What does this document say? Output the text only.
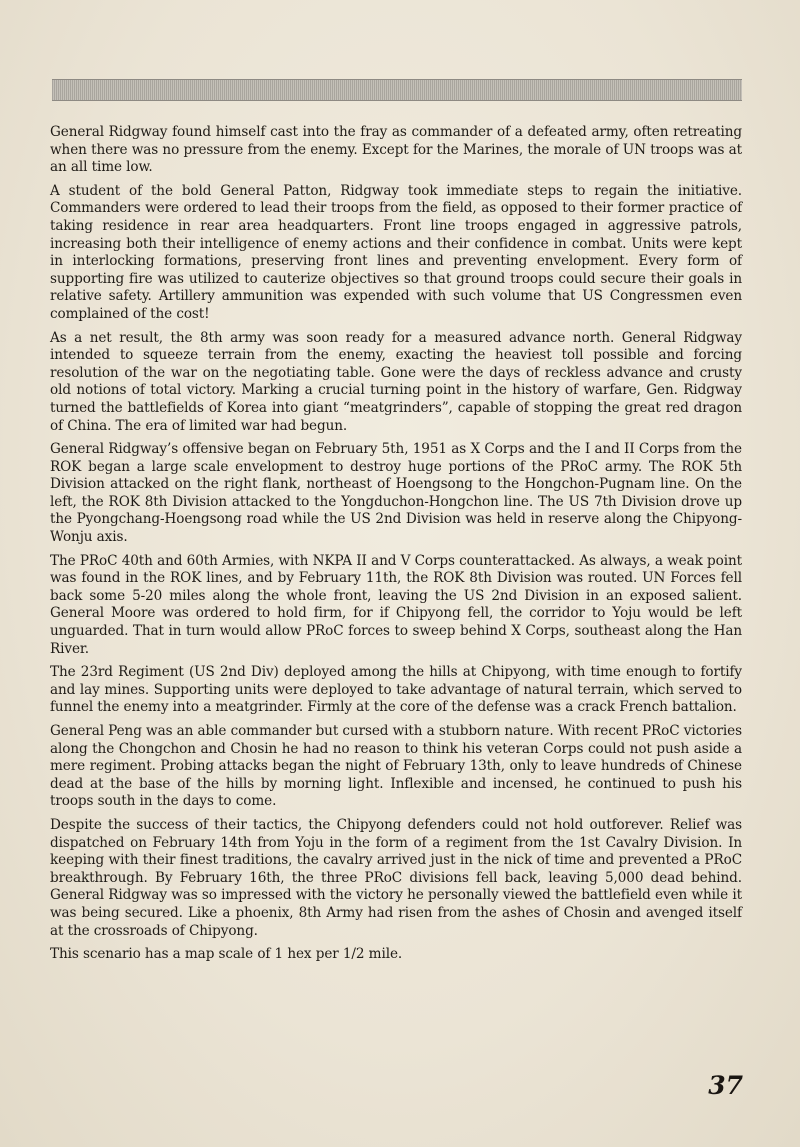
General Ridgway found himself cast into the fray as commander of a defeated army, often retreating when there was no pressure from the enemy. Except for the Marines, the morale of UN troops was at an all time low.

A student of the bold General Patton, Ridgway took immediate steps to regain the initiative. Commanders were ordered to lead their troops from the field, as opposed to their former practice of taking residence in rear area headquarters. Front line troops engaged in aggressive patrols, increasing both their intelligence of enemy actions and their confidence in combat. Units were kept in interlocking formations, preserving front lines and preventing envelopment. Every form of supporting fire was utilized to cauterize objectives so that ground troops could secure their goals in relative safety. Artillery ammunition was expended with such volume that US Congressmen even complained of the cost!

As a net result, the 8th army was soon ready for a measured advance north. General Ridgway intended to squeeze terrain from the enemy, exacting the heaviest toll possible and forcing resolution of the war on the negotiating table. Gone were the days of reckless advance and crusty old notions of total victory. Marking a crucial turning point in the history of warfare, Gen. Ridgway turned the battlefields of Korea into giant “meatgrinders”, capable of stopping the great red dragon of China. The era of limited war had begun.

General Ridgway’s offensive began on February 5th, 1951 as X Corps and the I and II Corps from the ROK began a large scale envelopment to destroy huge portions of the PRoC army. The ROK 5th Division attacked on the right flank, northeast of Hoengsong to the Hongchon-Pugnam line. On the left, the ROK 8th Division attacked to the Yongduchon-Hongchon line. The US 7th Division drove up the Pyongchang-Hoengsong road while the US 2nd Division was held in reserve along the Chipyong-Wonju axis.

The PRoC 40th and 60th Armies, with NKPA II and V Corps counterattacked. As always, a weak point was found in the ROK lines, and by February 11th, the ROK 8th Division was routed. UN Forces fell back some 5-20 miles along the whole front, leaving the US 2nd Division in an exposed salient. General Moore was ordered to hold firm, for if Chipyong fell, the corridor to Yoju would be left unguarded. That in turn would allow PRoC forces to sweep behind X Corps, southeast along the Han River.

The 23rd Regiment (US 2nd Div) deployed among the hills at Chipyong, with time enough to fortify and lay mines. Supporting units were deployed to take advantage of natural terrain, which served to funnel the enemy into a meatgrinder. Firmly at the core of the defense was a crack French battalion.

General Peng was an able commander but cursed with a stubborn nature. With recent PRoC victories along the Chongchon and Chosin he had no reason to think his veteran Corps could not push aside a mere regiment. Probing attacks began the night of February 13th, only to leave hundreds of Chinese dead at the base of the hills by morning light. Inflexible and incensed, he continued to push his troops south in the days to come.

Despite the success of their tactics, the Chipyong defenders could not hold outforever. Relief was dispatched on February 14th from Yoju in the form of a regiment from the 1st Cavalry Division. In keeping with their finest traditions, the cavalry arrived just in the nick of time and prevented a PRoC breakthrough. By February 16th, the three PRoC divisions fell back, leaving 5,000 dead behind. General Ridgway was so impressed with the victory he personally viewed the battlefield even while it was being secured. Like a phoenix, 8th Army had risen from the ashes of Chosin and avenged itself at the crossroads of Chipyong.

This scenario has a map scale of 1 hex per 1/2 mile.

37
